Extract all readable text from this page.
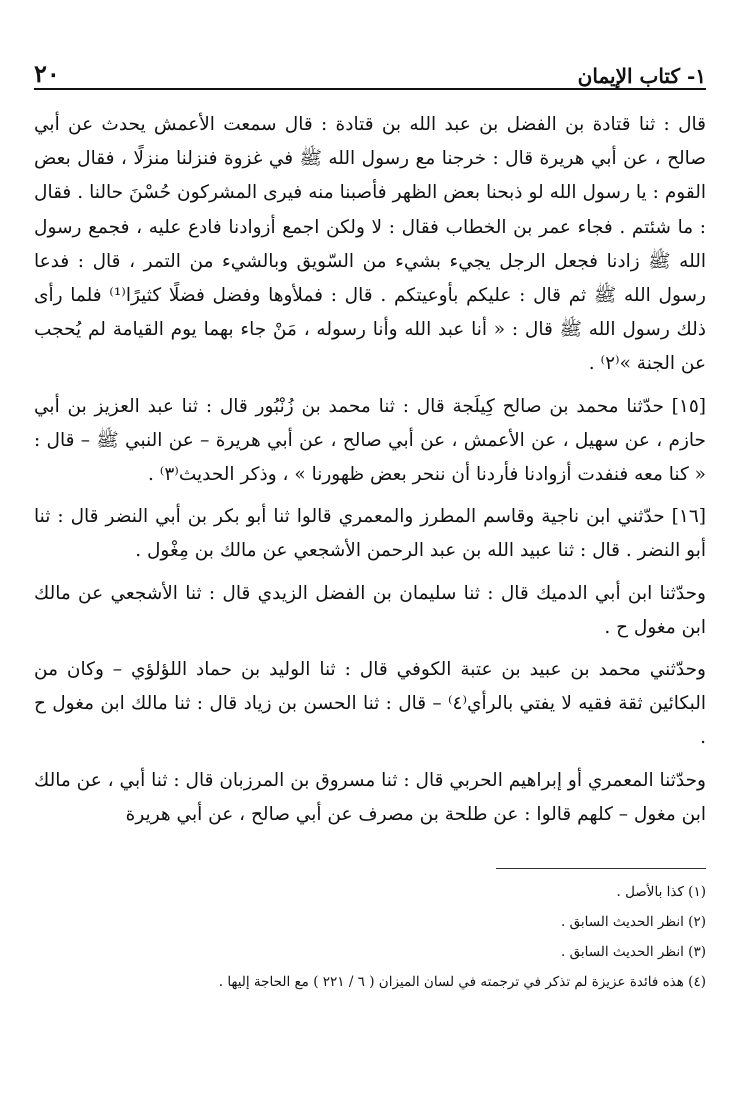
١- كتاب الإيمان
٢٠

قال : ثنا قتادة بن الفضل بن عبد الله بن قتادة : قال سمعت الأعمش يحدث عن أبي صالح ، عن أبي هريرة قال : خرجنا مع رسول الله ﷺ في غزوة فنزلنا منزلًا ، فقال بعض القوم : يا رسول الله لو ذبحنا بعض الظهر فأصبنا منه فيرى المشركون حُسْنَ حالنا . فقال : ما شئتم . فجاء عمر بن الخطاب فقال : لا ولكن اجمع أزوادنا فادع عليه ، فجمع رسول الله ﷺ زادنا فجعل الرجل يجيء بشيء من السّويق وبالشيء من التمر ، قال : فدعا رسول الله ﷺ ثم قال : عليكم بأوعيتكم . قال : فملأوها وفضل فضلًا كثيرًا⁽¹⁾ فلما رأى ذلك رسول الله ﷺ قال : « أنا عبد الله وأنا رسوله ، مَنْ جاء بهما يوم القيامة لم يُحجب عن الجنة »⁽٢⁾ .

[١٥] حدّثنا محمد بن صالح كِيلَجة قال : ثنا محمد بن زُنْبُور قال : ثنا عبد العزيز بن أبي حازم ، عن سهيل ، عن الأعمش ، عن أبي صالح ، عن أبي هريرة – عن النبي ﷺ – قال : « كنا معه فنفدت أزوادنا فأردنا أن ننحر بعض ظهورنا » ، وذكر الحديث⁽٣⁾ .

[١٦] حدّثني ابن ناجية وقاسم المطرز والمعمري قالوا ثنا أبو بكر بن أبي النضر قال : ثنا أبو النضر . قال : ثنا عبيد الله بن عبد الرحمن الأشجعي عن مالك بن مِغْول .

وحدّثنا ابن أبي الدميك قال : ثنا سليمان بن الفضل الزيدي قال : ثنا الأشجعي عن مالك ابن مغول ح .

وحدّثني محمد بن عبيد بن عتبة الكوفي قال : ثنا الوليد بن حماد اللؤلؤي – وكان من البكائين ثقة فقيه لا يفتي بالرأي⁽٤⁾ – قال : ثنا الحسن بن زياد قال : ثنا مالك ابن مغول ح .

وحدّثنا المعمري أو إبراهيم الحربي قال : ثنا مسروق بن المرزبان قال : ثنا أبي ، عن مالك ابن مغول – كلهم قالوا : عن طلحة بن مصرف عن أبي صالح ، عن أبي هريرة

(١) كذا بالأصل .

(٢) انظر الحديث السابق .

(٣) انظر الحديث السابق .

(٤) هذه فائدة عزيزة لم تذكر في ترجمته في لسان الميزان ( ٦ / ٢٢١ ) مع الحاجة إليها .
